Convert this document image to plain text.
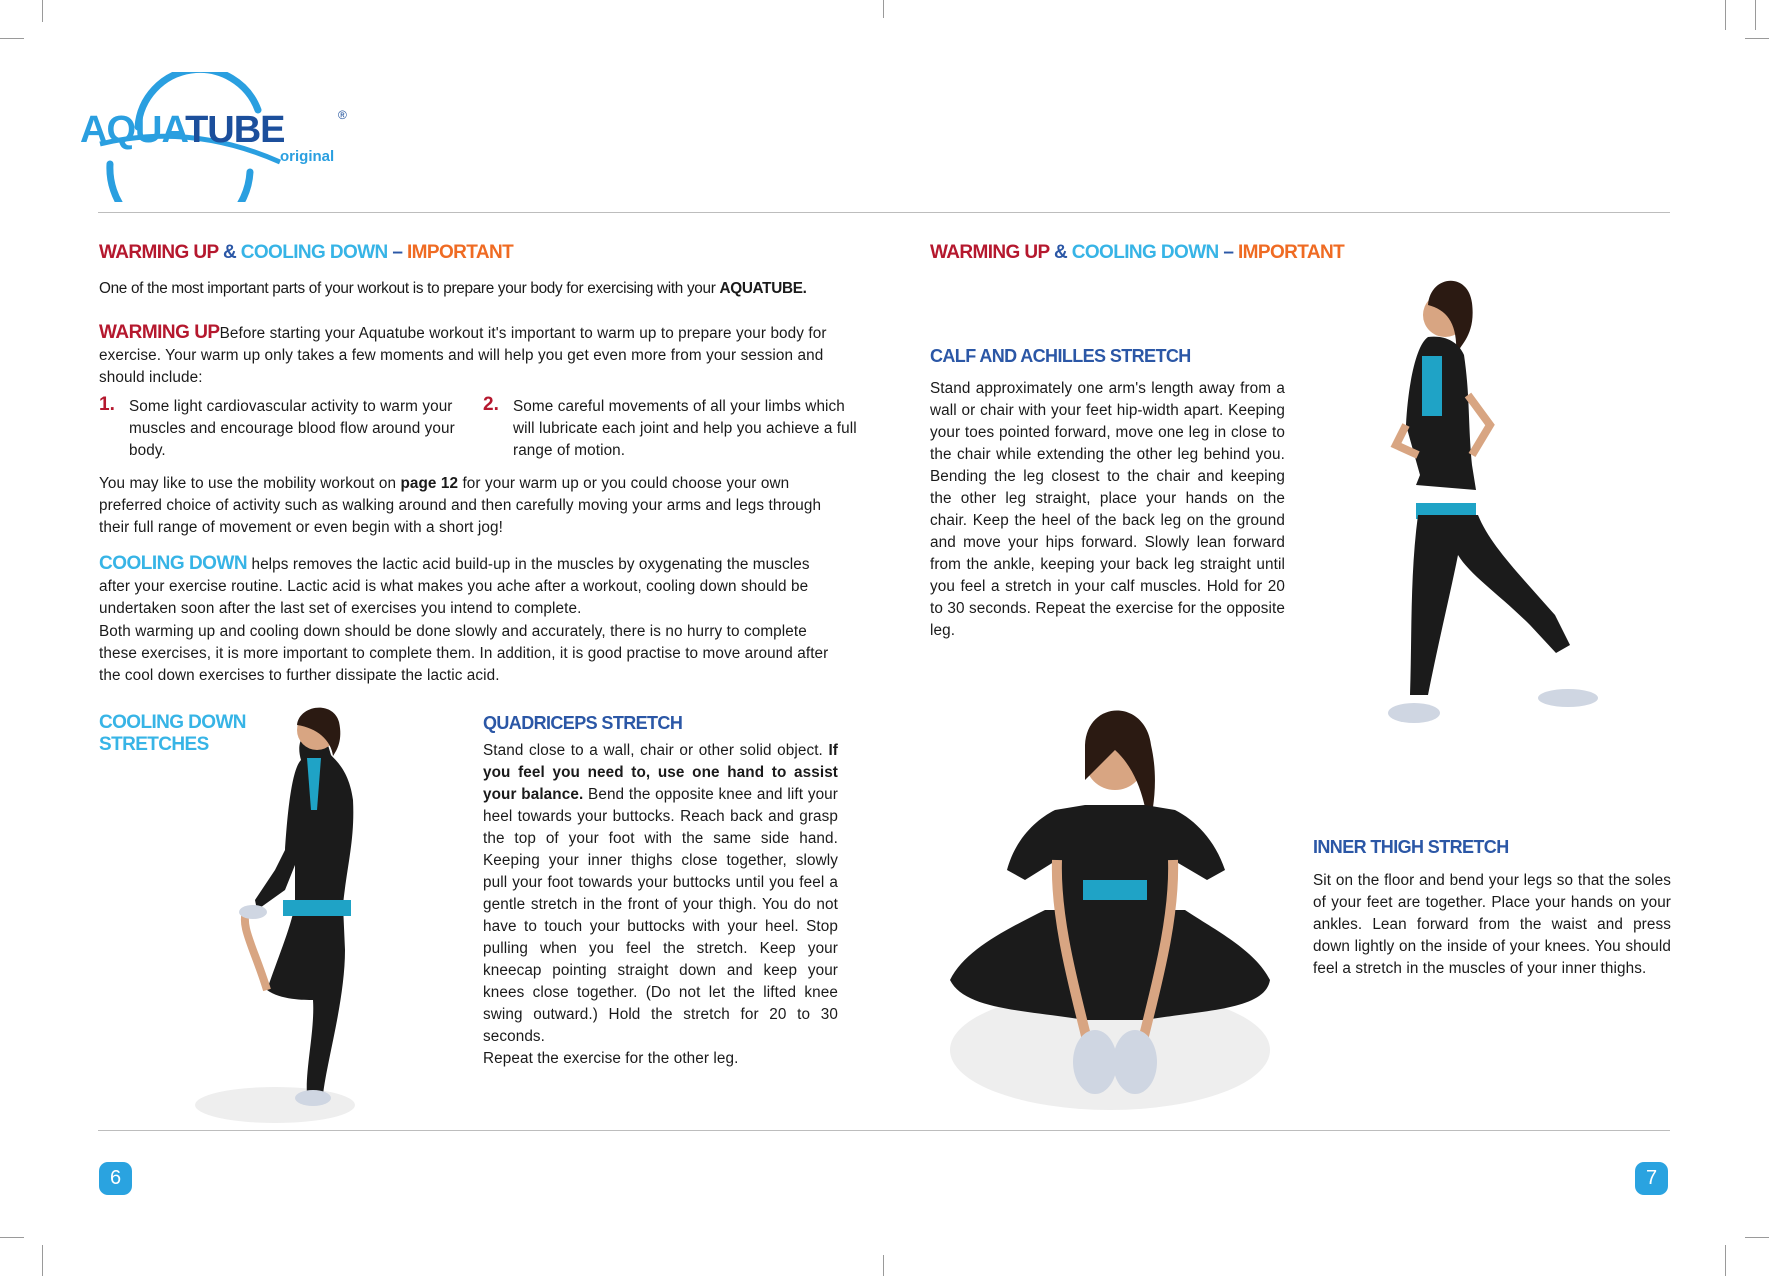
AQUATUBE	®
original
WARMING UP & COOLING DOWN – IMPORTANT

One of the most important parts of your workout is to prepare your body for exercising with your AQUATUBE.

WARMING UPBefore starting your Aquatube workout it's important to warm up to prepare your body for exercise. Your warm up only takes a few moments and will help you get even more from your session and should include:

1. Some light cardiovascular activity to warm your muscles and encourage blood flow around your body.
2. Some careful movements of all your limbs which will lubricate each joint and help you achieve a full range of motion.

You may like to use the mobility workout on page 12 for your warm up or you could choose your own preferred choice of activity such as walking around and then carefully moving your arms and legs through their full range of movement or even begin with a short jog!

COOLING DOWN helps removes the lactic acid build-up in the muscles by oxygenating the muscles after your exercise routine. Lactic acid is what makes you ache after a workout, cooling down should be undertaken soon after the last set of exercises you intend to complete.

Both warming up and cooling down should be done slowly and accurately, there is no hurry to complete these exercises, it is more important to complete them. In addition, it is good practise to move around after the cool down exercises to further dissipate the lactic acid.

COOLING DOWN STRETCHES
QUADRICEPS STRETCH

Stand close to a wall, chair or other solid object. If you feel you need to, use one hand to assist your balance. Bend the opposite knee and lift your heel towards your buttocks. Reach back and grasp the top of your foot with the same side hand. Keeping your inner thighs close together, slowly pull your foot towards your buttocks until you feel a gentle stretch in the front of your thigh. You do not have to touch your buttocks with your heel. Stop pulling when you feel the stretch. Keep your kneecap pointing straight down and keep your knees close together. (Do not let the lifted knee swing outward.) Hold the stretch for 20 to 30 seconds.

Repeat the exercise for the other leg.

6
WARMING UP & COOLING DOWN – IMPORTANT
CALF AND ACHILLES STRETCH

Stand approximately one arm's length away from a wall or chair with your feet hip-width apart. Keeping your toes pointed forward, move one leg in close to the chair while extending the other leg behind you. Bending the leg closest to the chair and keeping the other leg straight, place your hands on the chair. Keep the heel of the back leg on the ground and move your hips forward. Slowly lean forward from the ankle, keeping your back leg straight until you feel a stretch in your calf muscles. Hold for 20 to 30 seconds. Repeat the exercise for the opposite leg.

INNER THIGH STRETCH

Sit on the floor and bend your legs so that the soles of your feet are together. Place your hands on your ankles. Lean forward from the waist and press down lightly on the inside of your knees. You should feel a stretch in the muscles of your inner thighs.

7
